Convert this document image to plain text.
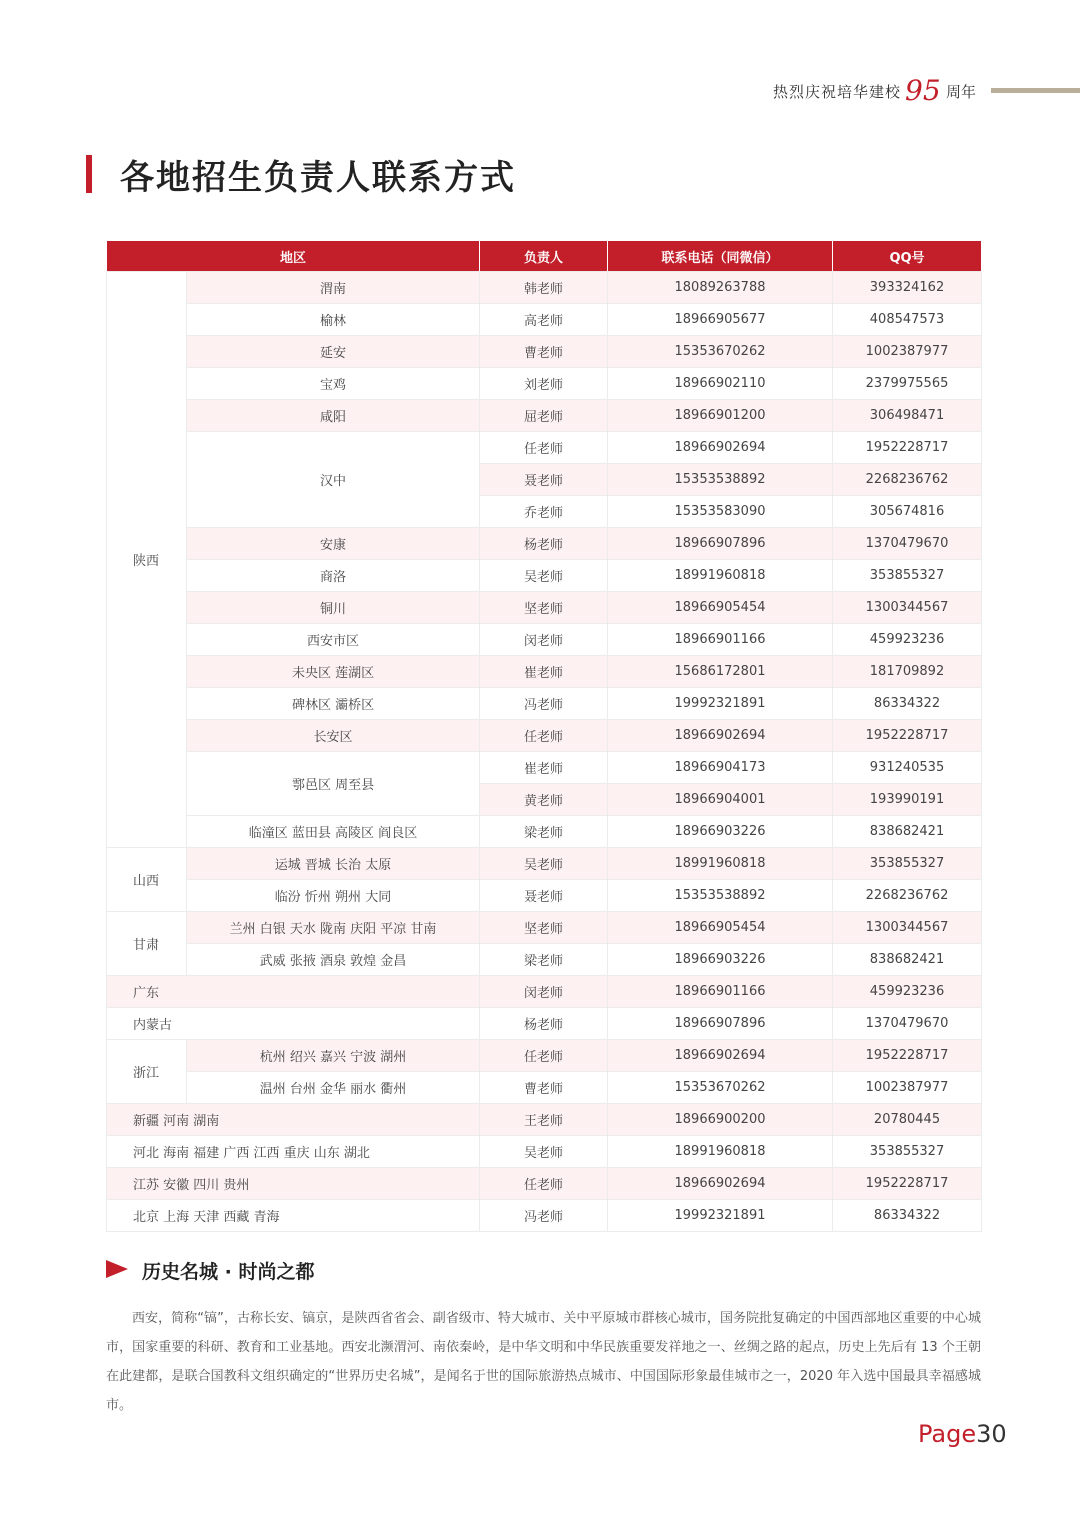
热烈庆祝培华建校 95 周年
各地招生负责人联系方式
地区		负责人	联系电话（同微信）	QQ号
陕西	渭南	韩老师	18089263788	393324162
	榆林	高老师	18966905677	408547573
	延安	曹老师	15353670262	1002387977
	宝鸡	刘老师	18966902110	2379975565
	咸阳	屈老师	18966901200	306498471
	汉中	任老师	18966902694	1952228717
		聂老师	15353538892	2268236762
		乔老师	15353583090	305674816
	安康	杨老师	18966907896	1370479670
	商洛	吴老师	18991960818	353855327
	铜川	坚老师	18966905454	1300344567
	西安市区	闵老师	18966901166	459923236
	未央区 莲湖区	崔老师	15686172801	181709892
	碑林区 灞桥区	冯老师	19992321891	86334322
	长安区	任老师	18966902694	1952228717
	鄠邑区 周至县	崔老师	18966904173	931240535
		黄老师	18966904001	193990191
	临潼区 蓝田县 高陵区 阎良区	梁老师	18966903226	838682421
山西	运城 晋城 长治 太原	吴老师	18991960818	353855327
	临汾 忻州 朔州 大同	聂老师	15353538892	2268236762
甘肃	兰州 白银 天水 陇南 庆阳 平凉 甘南	坚老师	18966905454	1300344567
	武威 张掖 酒泉 敦煌 金昌	梁老师	18966903226	838682421
广东		闵老师	18966901166	459923236
内蒙古		杨老师	18966907896	1370479670
浙江	杭州 绍兴 嘉兴 宁波 湖州	任老师	18966902694	1952228717
	温州 台州 金华 丽水 衢州	曹老师	15353670262	1002387977
新疆 河南 湖南		王老师	18966900200	20780445
河北 海南 福建 广西 江西 重庆 山东 湖北		吴老师	18991960818	353855327
江苏 安徽 四川 贵州		任老师	18966902694	1952228717
北京 上海 天津 西藏 青海		冯老师	19992321891	86334322
历史名城 · 时尚之都
西安，简称“镐”，古称长安、镐京，是陕西省省会、副省级市、特大城市、关中平原城市群核心城市，国务院批复确定的中国西部地区重要的中心城市，国家重要的科研、教育和工业基地。西安北濒渭河、南依秦岭，是中华文明和中华民族重要发祥地之一、丝绸之路的起点，历史上先后有 13 个王朝在此建都，是联合国教科文组织确定的“世界历史名城”，是闻名于世的国际旅游热点城市、中国国际形象最佳城市之一，2020 年入选中国最具幸福感城市。
Page30
